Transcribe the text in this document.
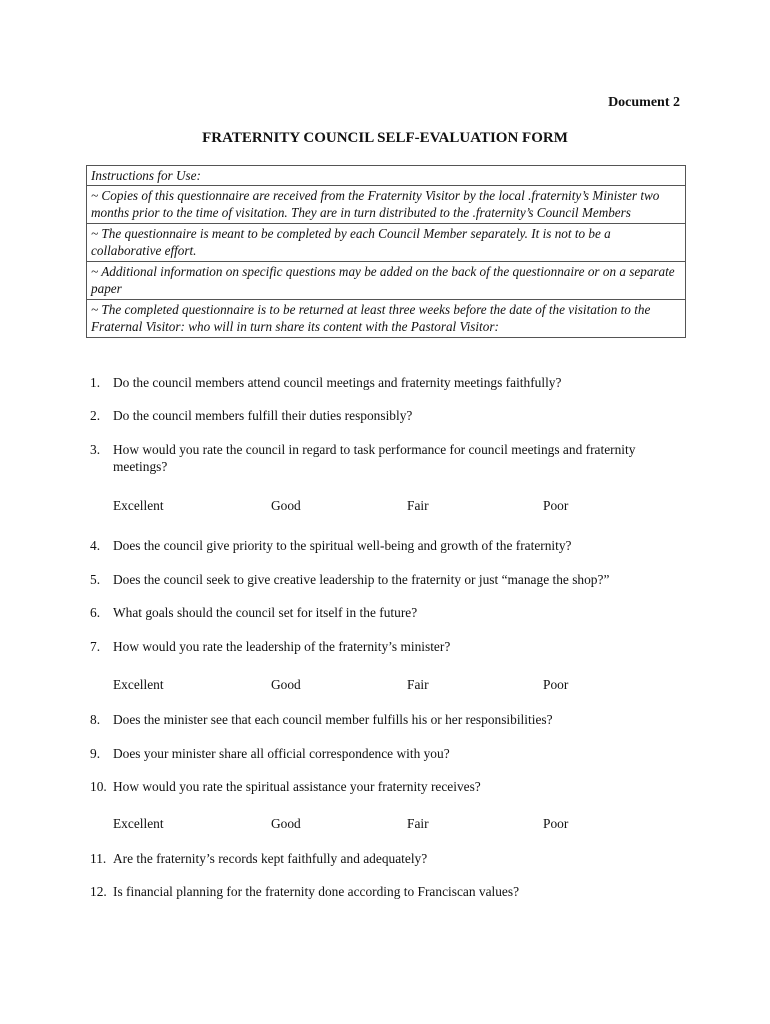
Document 2
FRATERNITY COUNCIL SELF-EVALUATION FORM
Instructions for Use:
~ Copies of this questionnaire are received from the Fraternity Visitor by the local .fraternity’s Minister two months prior to the time of visitation. They are in turn distributed to the .fraternity’s Council Members
~ The questionnaire is meant to be completed by each Council Member separately. It is not to be a collaborative effort.
~ Additional information on specific questions may be added on the back of the questionnaire or on a separate paper
~ The completed questionnaire is to be returned at least three weeks before the date of the visitation to the Fraternal Visitor: who will in turn share its content with the Pastoral Visitor:
1. Do the council members attend council meetings and fraternity meetings faithfully?
2. Do the council members fulfill their duties responsibly?
3. How would you rate the council in regard to task performance for council meetings and fraternity meetings?
Excellent	Good	Fair	Poor
4. Does the council give priority to the spiritual well-being and growth of the fraternity?
5. Does the council seek to give creative leadership to the fraternity or just “manage the shop?”
6. What goals should the council set for itself in the future?
7. How would you rate the leadership of the fraternity’s minister?
Excellent	Good	Fair	Poor
8. Does the minister see that each council member fulfills his or her responsibilities?
9. Does your minister share all official correspondence with you?
10. How would you rate the spiritual assistance your fraternity receives?
Excellent	Good	Fair	Poor
11. Are the fraternity’s records kept faithfully and adequately?
12. Is financial planning for the fraternity done according to Franciscan values?
